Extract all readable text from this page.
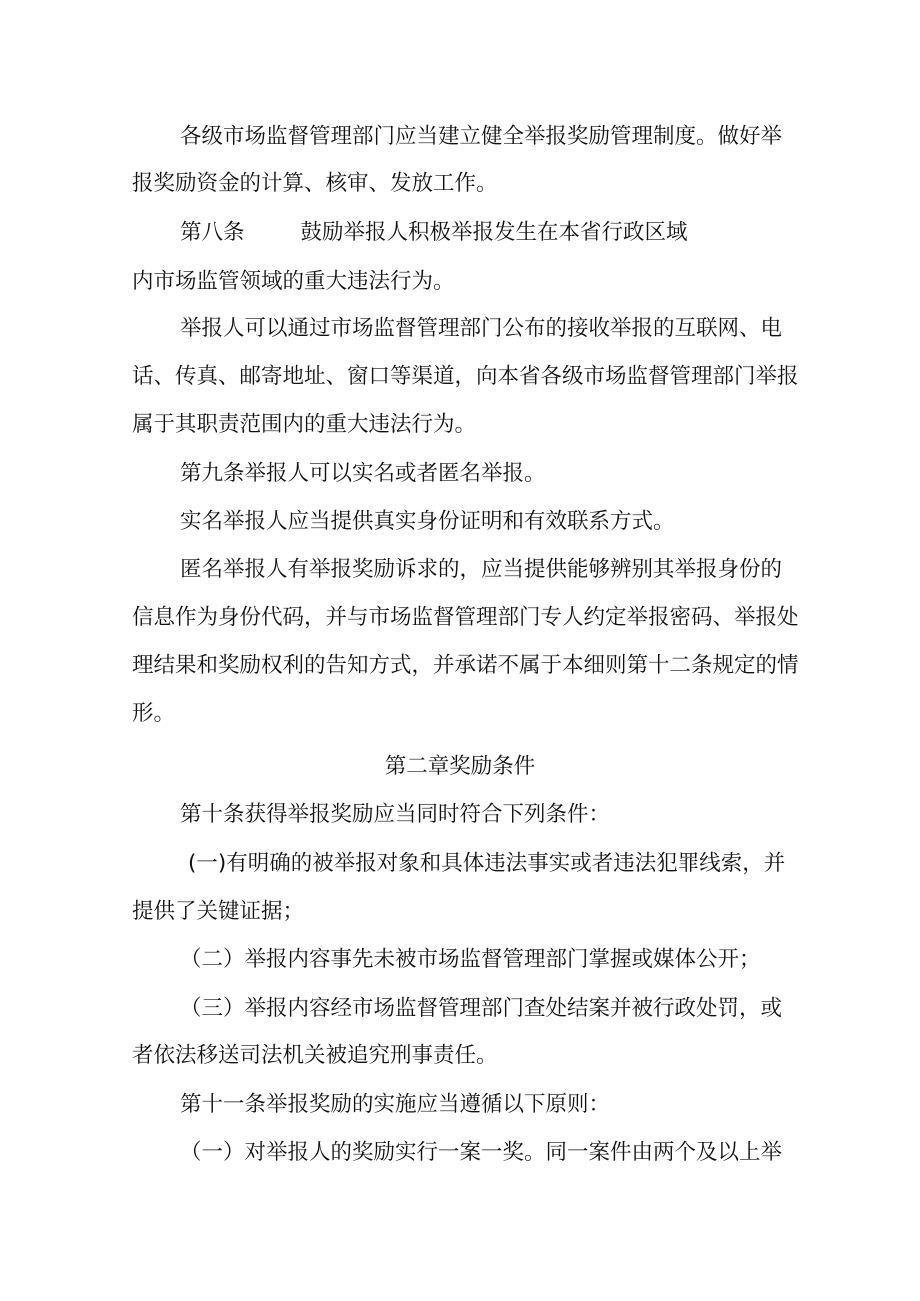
各级市场监督管理部门应当建立健全举报奖励管理制度。做好举
报奖励资金的计算、核审、发放工作。
第八条	鼓励举报人积极举报发生在本省行政区域
内市场监管领域的重大违法行为。
举报人可以通过市场监督管理部门公布的接收举报的互联网、电
话、传真、邮寄地址、窗口等渠道，向本省各级市场监督管理部门举报
属于其职责范围内的重大违法行为。
第九条举报人可以实名或者匿名举报。
实名举报人应当提供真实身份证明和有效联系方式。
匿名举报人有举报奖励诉求的，应当提供能够辨别其举报身份的
信息作为身份代码，并与市场监督管理部门专人约定举报密码、举报处
理结果和奖励权利的告知方式，并承诺不属于本细则第十二条规定的情
形。
第二章奖励条件
第十条获得举报奖励应当同时符合下列条件：
(一)有明确的被举报对象和具体违法事实或者违法犯罪线索，并
提供了关键证据；
（二）举报内容事先未被市场监督管理部门掌握或媒体公开；
（三）举报内容经市场监督管理部门查处结案并被行政处罚，或
者依法移送司法机关被追究刑事责任。
第十一条举报奖励的实施应当遵循以下原则：
（一）对举报人的奖励实行一案一奖。同一案件由两个及以上举
